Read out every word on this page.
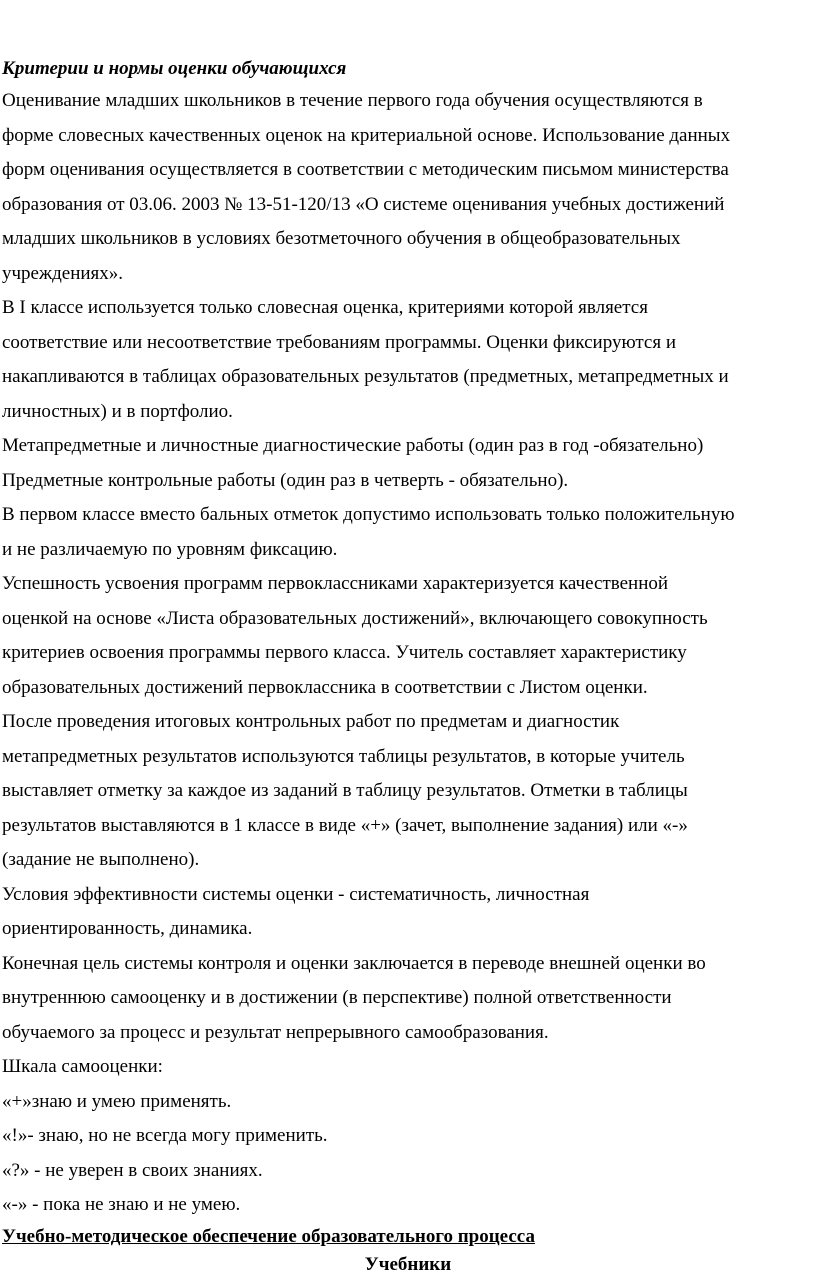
Критерии и нормы оценки обучающихся

Оценивание младших школьников в течение первого года обучения осуществляются в

форме словесных качественных оценок на критериальной основе. Использование данных

форм оценивания осуществляется в соответствии с методическим письмом министерства

образования от 03.06. 2003 № 13-51-120/13 «О системе оценивания учебных достижений

младших школьников в условиях безотметочного обучения в общеобразовательных

учреждениях».

В I классе используется только словесная оценка, критериями которой является

соответствие или несоответствие требованиям программы. Оценки фиксируются и

накапливаются в таблицах образовательных результатов (предметных, метапредметных и

личностных) и в портфолио.

Метапредметные и личностные диагностические работы (один раз в год -обязательно)

Предметные контрольные работы (один раз в четверть - обязательно).

В первом классе вместо бальных отметок допустимо использовать только положительную

и не различаемую по уровням фиксацию.

Успешность усвоения программ первоклассниками характеризуется качественной

оценкой на основе «Листа образовательных достижений», включающего совокупность

критериев освоения программы первого класса. Учитель составляет характеристику

образовательных достижений первоклассника в соответствии с Листом оценки.

После проведения итоговых контрольных работ по предметам и диагностик

метапредметных результатов используются таблицы результатов, в которые учитель

выставляет отметку за каждое из заданий в таблицу результатов. Отметки в таблицы

результатов выставляются в 1 классе в виде «+» (зачет, выполнение задания) или «-»

(задание не выполнено).

Условия эффективности системы оценки - систематичность, личностная

ориентированность, динамика.

Конечная цель системы контроля и оценки заключается в переводе внешней оценки во

внутреннюю самооценку и в достижении (в перспективе) полной ответственности

обучаемого за процесс и результат непрерывного самообразования.

Шкала самооценки:

«+»знаю и умею применять.

«!»- знаю, но не всегда могу применить.

«?» - не уверен в своих знаниях.

«-» - пока не знаю и не умею.

Учебно-методическое обеспечение образовательного процесса

Учебники
